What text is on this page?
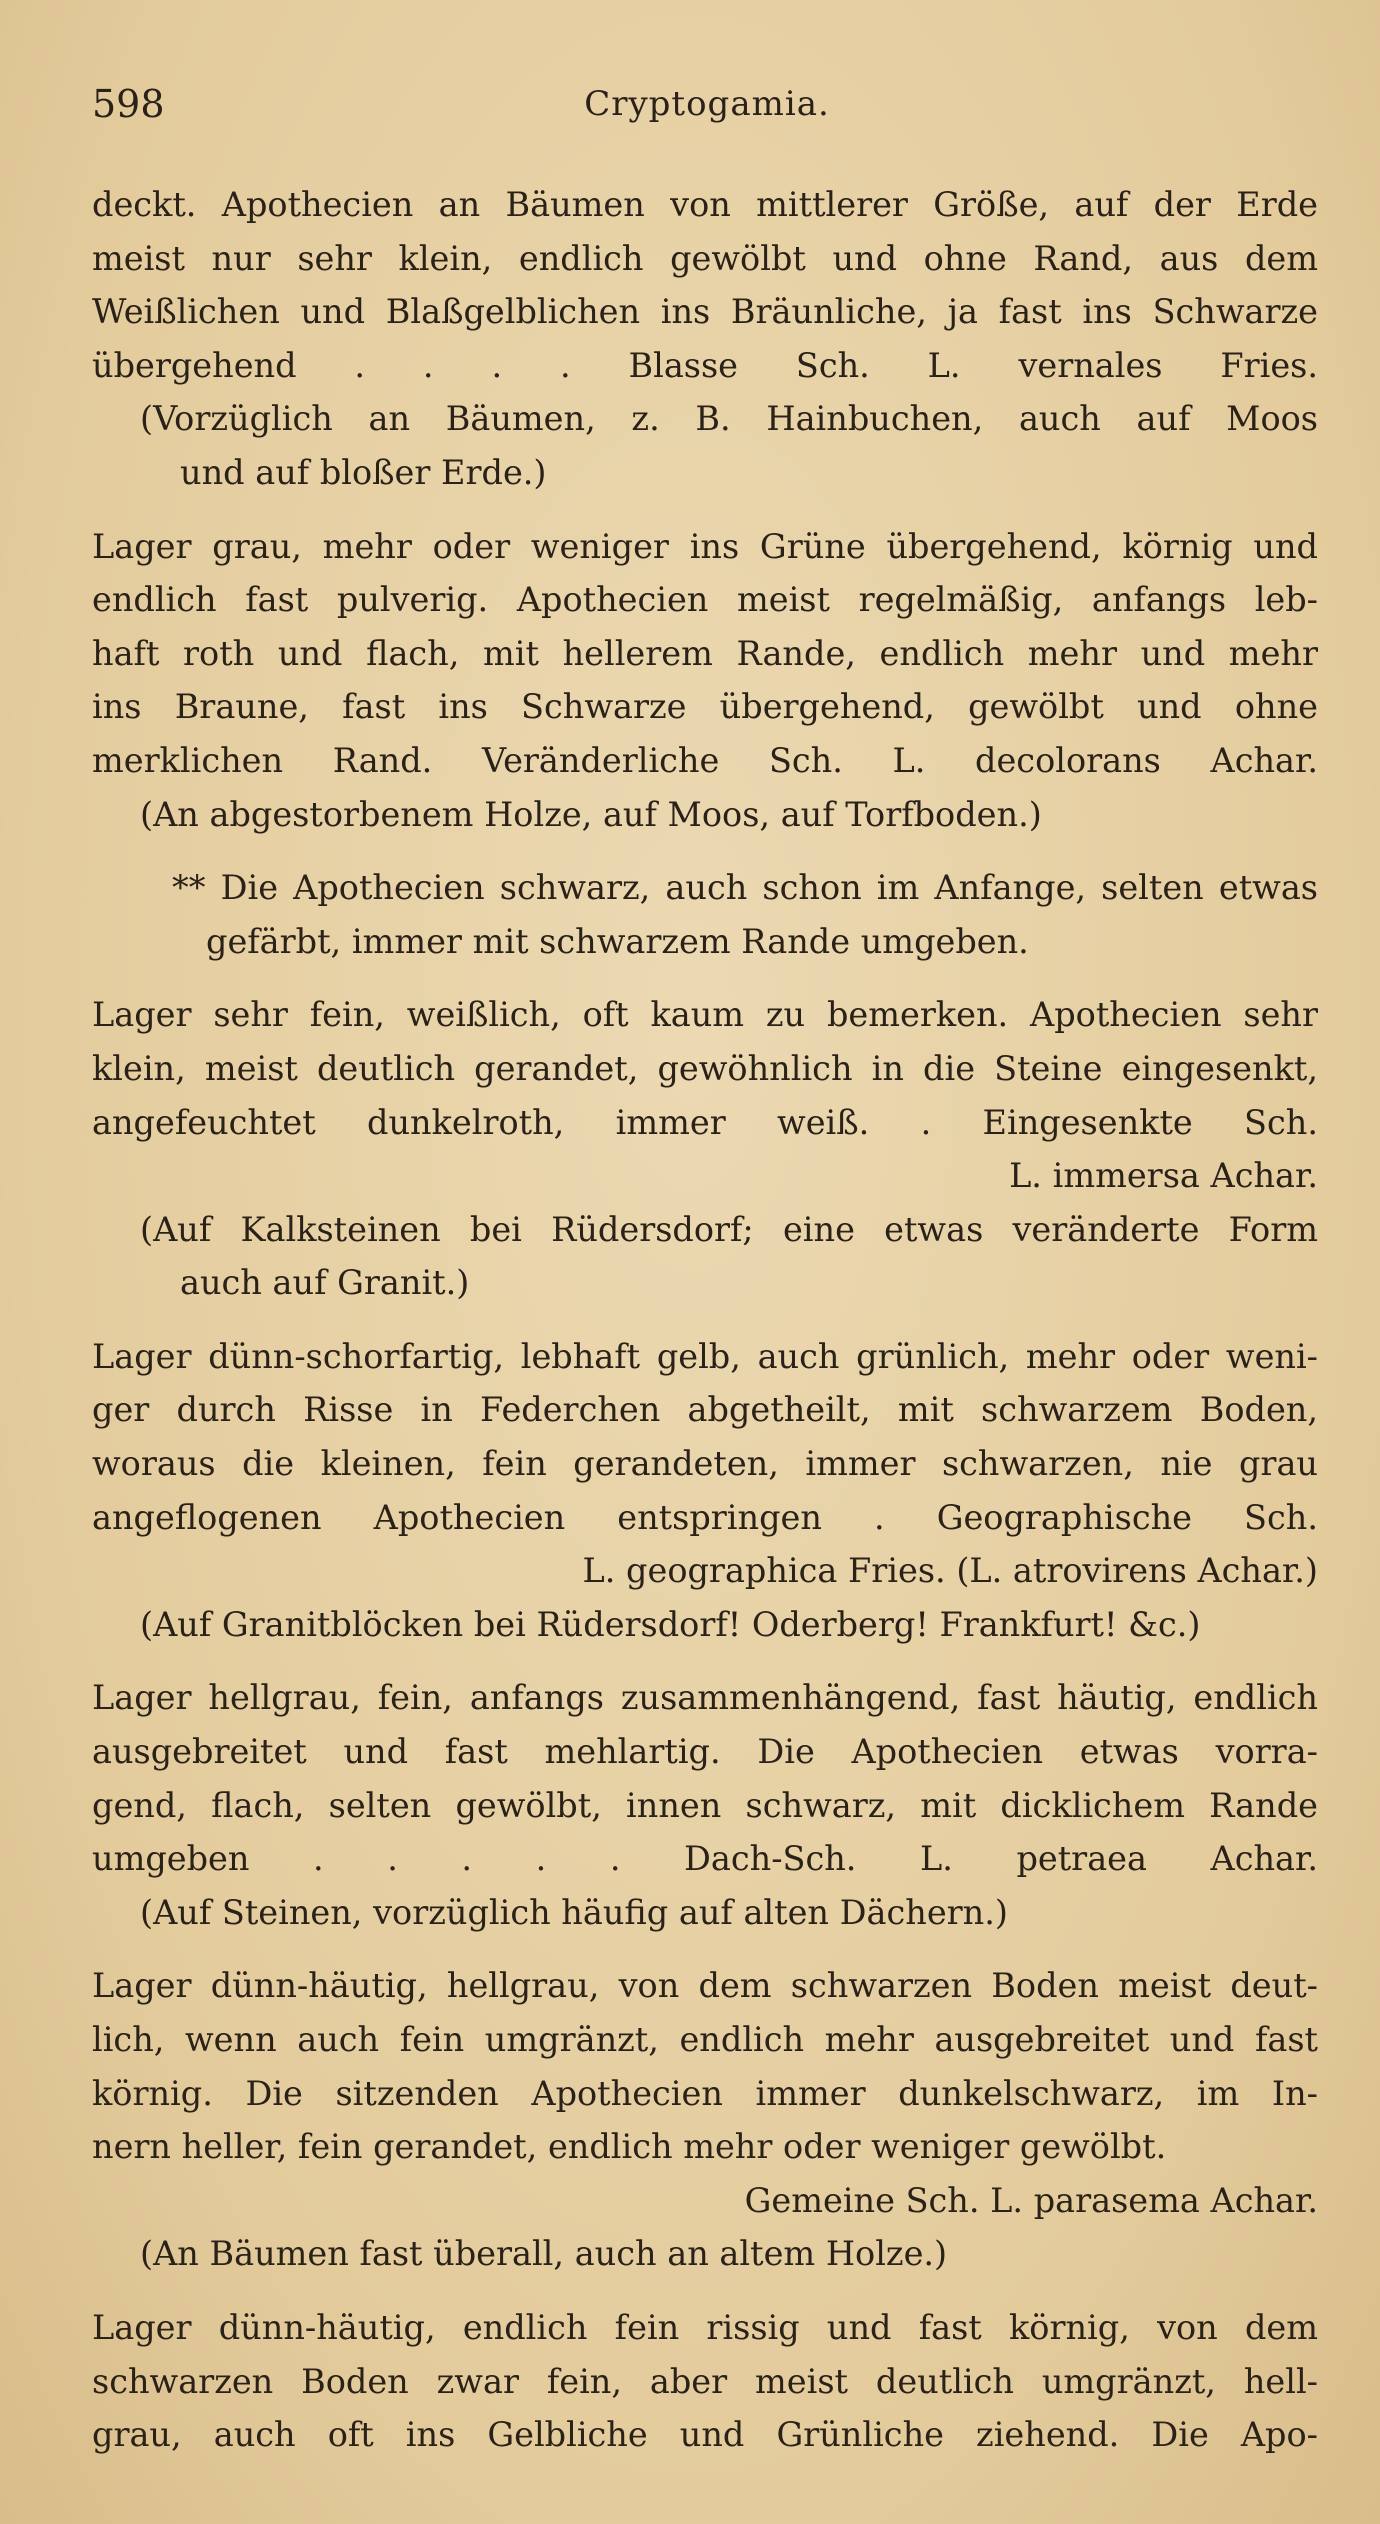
598	Cryptogamia.

deckt. Apothecien an Bäumen von mittlerer Größe, auf der Erde
meist nur sehr klein, endlich gewölbt und ohne Rand, aus dem
Weißlichen und Blaßgelblichen ins Bräunliche, ja fast ins Schwarze
übergehend . . . . Blasse Sch. L. vernales Fries.

(Vorzüglich an Bäumen, z. B. Hainbuchen, auch auf Moos
und auf bloßer Erde.)

Lager grau, mehr oder weniger ins Grüne übergehend, körnig und
endlich fast pulverig. Apothecien meist regelmäßig, anfangs leb-
haft roth und flach, mit hellerem Rande, endlich mehr und mehr
ins Braune, fast ins Schwarze übergehend, gewölbt und ohne
merklichen Rand. Veränderliche Sch. L. decolorans Achar.

(An abgestorbenem Holze, auf Moos, auf Torfboden.)

** Die Apothecien schwarz, auch schon im Anfange, selten etwas
gefärbt, immer mit schwarzem Rande umgeben.

Lager sehr fein, weißlich, oft kaum zu bemerken. Apothecien sehr
klein, meist deutlich gerandet, gewöhnlich in die Steine eingesenkt,
angefeuchtet dunkelroth, immer weiß. . Eingesenkte Sch.
L. immersa Achar.

(Auf Kalksteinen bei Rüdersdorf; eine etwas veränderte Form
auch auf Granit.)

Lager dünn-schorfartig, lebhaft gelb, auch grünlich, mehr oder weni-
ger durch Risse in Federchen abgetheilt, mit schwarzem Boden,
woraus die kleinen, fein gerandeten, immer schwarzen, nie grau
angeflogenen Apothecien entspringen . Geographische Sch.
L. geographica Fries. (L. atrovirens Achar.)

(Auf Granitblöcken bei Rüdersdorf! Oderberg! Frankfurt! &c.)

Lager hellgrau, fein, anfangs zusammenhängend, fast häutig, endlich
ausgebreitet und fast mehlartig. Die Apothecien etwas vorra-
gend, flach, selten gewölbt, innen schwarz, mit dicklichem Rande
umgeben . . . . . Dach-Sch. L. petraea Achar.

(Auf Steinen, vorzüglich häufig auf alten Dächern.)

Lager dünn-häutig, hellgrau, von dem schwarzen Boden meist deut-
lich, wenn auch fein umgränzt, endlich mehr ausgebreitet und fast
körnig. Die sitzenden Apothecien immer dunkelschwarz, im In-
nern heller, fein gerandet, endlich mehr oder weniger gewölbt.
Gemeine Sch. L. parasema Achar.

(An Bäumen fast überall, auch an altem Holze.)

Lager dünn-häutig, endlich fein rissig und fast körnig, von dem
schwarzen Boden zwar fein, aber meist deutlich umgränzt, hell-
grau, auch oft ins Gelbliche und Grünliche ziehend. Die Apo-
